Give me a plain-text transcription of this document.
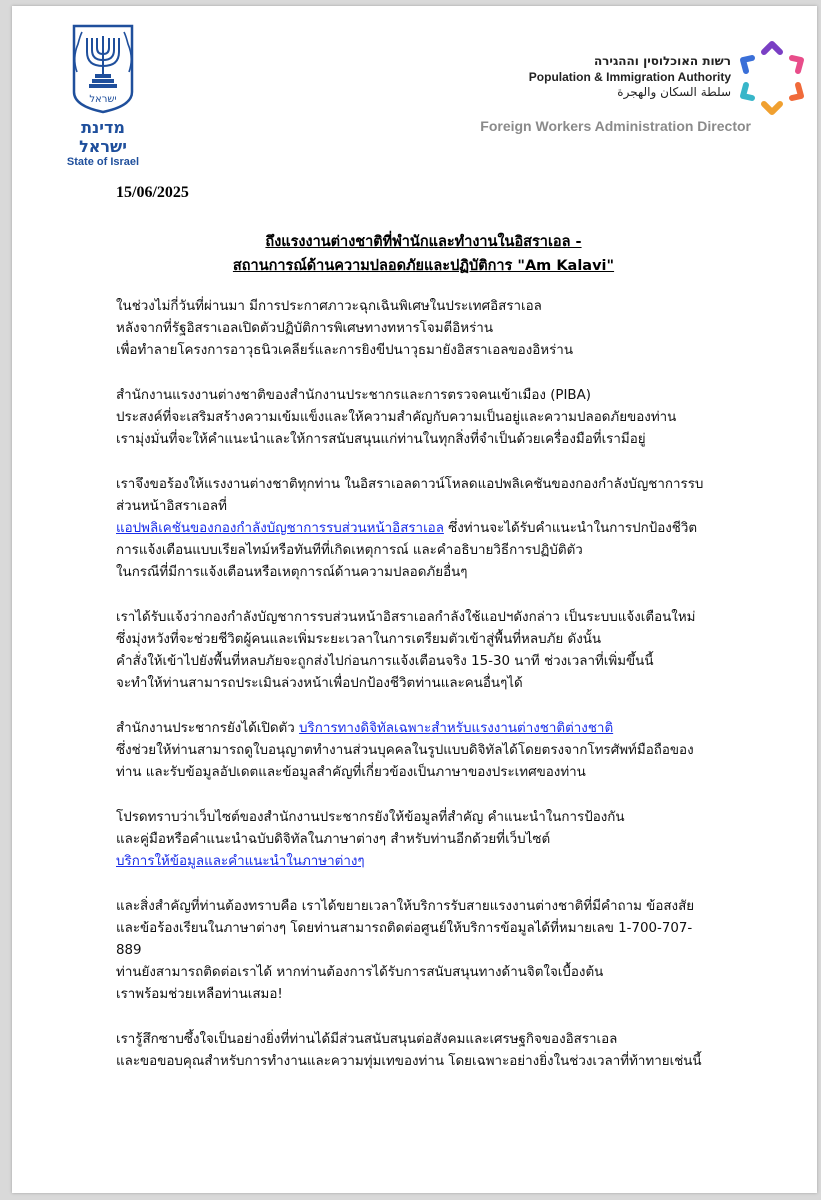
ישראל
מדינת ישראל
State of Israel
רשות האוכלוסין וההגירה
Population & Immigration Authority
سلطة السكان والهجرة
Foreign Workers Administration Director
15/06/2025
ถึงแรงงานต่างชาติที่พำนักและทำงานในอิสราเอล -
สถานการณ์ด้านความปลอดภัยและปฏิบัติการ "Am Kalavi"

ในช่วงไม่กี่วันที่ผ่านมา มีการประกาศภาวะฉุกเฉินพิเศษในประเทศอิสราเอล
หลังจากที่รัฐอิสราเอลเปิดตัวปฏิบัติการพิเศษทางทหารโจมตีอิหร่าน
เพื่อทำลายโครงการอาวุธนิวเคลียร์และการยิงขีปนาวุธมายังอิสราเอลของอิหร่าน

สำนักงานแรงงานต่างชาติของสำนักงานประชากรและการตรวจคนเข้าเมือง (PIBA)
ประสงค์ที่จะเสริมสร้างความเข้มแข็งและให้ความสำคัญกับความเป็นอยู่และความปลอดภัยของท่าน
เรามุ่งมั่นที่จะให้คำแนะนำและให้การสนับสนุนแก่ท่านในทุกสิ่งที่จำเป็นด้วยเครื่องมือที่เรามีอยู่

เราจึงขอร้องให้แรงงานต่างชาติทุกท่าน ในอิสราเอลดาวน์โหลดแอปพลิเคชันของกองกำลังบัญชาการรบ
ส่วนหน้าอิสราเอลที่
แอปพลิเคชันของกองกำลังบัญชาการรบส่วนหน้าอิสราเอล ซึ่งท่านจะได้รับคำแนะนำในการปกป้องชีวิต
การแจ้งเตือนแบบเรียลไทม์หรือทันทีที่เกิดเหตุการณ์ และคำอธิบายวิธีการปฏิบัติตัว
ในกรณีที่มีการแจ้งเตือนหรือเหตุการณ์ด้านความปลอดภัยอื่นๆ

เราได้รับแจ้งว่ากองกำลังบัญชาการรบส่วนหน้าอิสราเอลกำลังใช้แอปฯดังกล่าว เป็นระบบแจ้งเตือนใหม่
ซึ่งมุ่งหวังที่จะช่วยชีวิตผู้คนและเพิ่มระยะเวลาในการเตรียมตัวเข้าสู่พื้นที่หลบภัย ดังนั้น
คำสั่งให้เข้าไปยังพื้นที่หลบภัยจะถูกส่งไปก่อนการแจ้งเตือนจริง 15-30 นาที ช่วงเวลาที่เพิ่มขึ้นนี้
จะทำให้ท่านสามารถประเมินล่วงหน้าเพื่อปกป้องชีวิตท่านและคนอื่นๆได้

สำนักงานประชากรยังได้เปิดตัว บริการทางดิจิทัลเฉพาะสำหรับแรงงานต่างชาติต่างชาติ
ซึ่งช่วยให้ท่านสามารถดูใบอนุญาตทำงานส่วนบุคคลในรูปแบบดิจิทัลได้โดยตรงจากโทรศัพท์มือถือของ
ท่าน และรับข้อมูลอัปเดตและข้อมูลสำคัญที่เกี่ยวข้องเป็นภาษาของประเทศของท่าน

โปรดทราบว่าเว็บไซต์ของสำนักงานประชากรยังให้ข้อมูลที่สำคัญ คำแนะนำในการป้องกัน
และคู่มือหรือคำแนะนำฉบับดิจิทัลในภาษาต่างๆ สำหรับท่านอีกด้วยที่เว็บไซต์
บริการให้ข้อมูลและคำแนะนำในภาษาต่างๆ

และสิ่งสำคัญที่ท่านต้องทราบคือ เราได้ขยายเวลาให้บริการรับสายแรงงานต่างชาติที่มีคำถาม ข้อสงสัย
และข้อร้องเรียนในภาษาต่างๆ โดยท่านสามารถติดต่อศูนย์ให้บริการข้อมูลได้ที่หมายเลข 1-700-707-
889
ท่านยังสามารถติดต่อเราได้ หากท่านต้องการได้รับการสนับสนุนทางด้านจิตใจเบื้องต้น
เราพร้อมช่วยเหลือท่านเสมอ!

เรารู้สึกซาบซึ้งใจเป็นอย่างยิ่งที่ท่านได้มีส่วนสนับสนุนต่อสังคมและเศรษฐกิจของอิสราเอล
และขอขอบคุณสำหรับการทำงานและความทุ่มเทของท่าน โดยเฉพาะอย่างยิ่งในช่วงเวลาที่ท้าทายเช่นนี้
